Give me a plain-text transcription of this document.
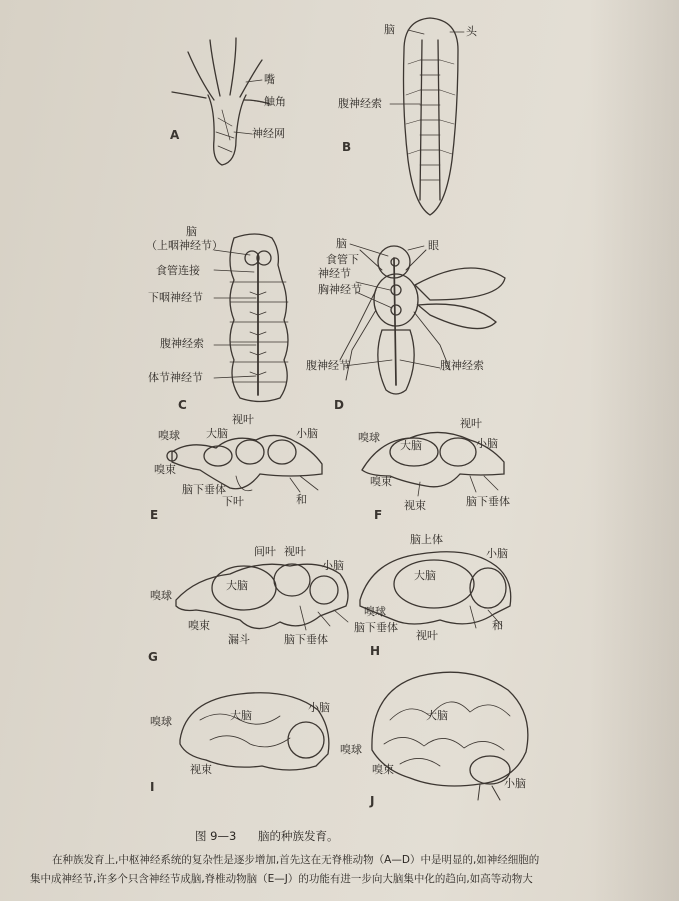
嘴
触角
神经网
A
脑	头
腹神经索
B
脑
（上咽神经节）
食管连接
下咽神经节
腹神经索
体节神经节
C
脑	眼
食管下
神经节
胸神经节
腹神经节	腹神经索
D
视叶
嗅球 大脑	小脑
嗅束
脑下垂体
下叶	和
E
视叶
嗅球
大脑	小脑
嗅束
视束	脑下垂体
F
间叶 视叶
大脑
小脑
嗅球
嗅束
漏斗	脑下垂体
G
脑上体
小脑
大脑
嗅球
脑下垂体
视叶
和
H
嗅球	大脑
小脑
视束
I
大脑
嗅球
嗅束
小脑
J
图 9—3 脑的种族发育。

在种族发育上,中枢神经系统的复杂性是逐步增加,首先这在无脊椎动物（A—D）中是明显的,如神经细胞的

集中成神经节,许多个只含神经节成脑,脊椎动物脑（E—J）的功能有进一步向大脑集中化的趋向,如高等动物大
